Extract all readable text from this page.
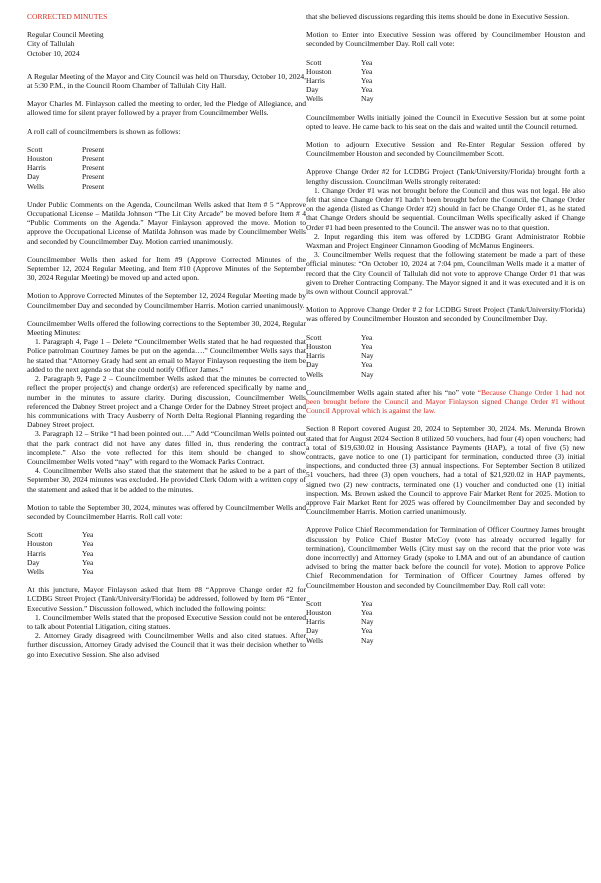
CORRECTED MINUTES

Regular Council Meeting

City of Tallulah

October 10, 2024

A Regular Meeting of the Mayor and City Council was held on Thursday, October 10, 2024, at 5:30 P.M., in the Council Room Chamber of Tallulah City Hall.

Mayor Charles M. Finlayson called the meeting to order, led the Pledge of Allegiance, and allowed time for silent prayer followed by a prayer from Councilmember Wells.

A roll call of councilmembers is shown as follows:

Scott	Present
Houston	Present
Harris	Present
Day	Present
Wells	Present

Under Public Comments on the Agenda, Councilman Wells asked that Item # 5 “Approve Occupational License – Matilda Johnson “The Lit City Arcade” be moved before Item # 4 “Public Comments on the Agenda.” Mayor Finlayson approved the move. Motion to approve the Occupational License of Matilda Johnson was made by Councilmember Wells and seconded by Councilmember Day. Motion carried unanimously.

Councilmember Wells then asked for Item #9 (Approve Corrected Minutes of the September 12, 2024 Regular Meeting, and Item #10 (Approve Minutes of the September 30, 2024 Regular Meeting) be moved up and acted upon.

Motion to Approve Corrected Minutes of the September 12, 2024 Regular Meeting made by Councilmember Day and seconded by Councilmember Harris. Motion carried unanimously.

Councilmember Wells offered the following corrections to the September 30, 2024, Regular Meeting Minutes:

1. Paragraph 4, Page 1 – Delete “Councilmember Wells stated that he had requested that Police patrolman Courtney James be put on the agenda….” Councilmember Wells says that he stated that “Attorney Grady had sent an email to Mayor Finlayson requesting the item be added to the next agenda so that she could notify Officer James.”

2. Paragraph 9, Page 2 – Councilmember Wells asked that the minutes be corrected to reflect the proper project(s) and change order(s) are referenced specifically by name and number in the minutes to assure clarity. During discussion, Councilmember Wells referenced the Dabney Street project and a Change Order for the Dabney Street project and his communications with Tracy Ausberry of North Delta Regional Planning regarding the Dabney Street project.

3. Paragraph 12 – Strike “I had been pointed out….” Add “Councilman Wells pointed out that the park contract did not have any dates filled in, thus rendering the contract incomplete.” Also the vote reflected for this item should be changed to show Councilmember Wells voted “nay” with regard to the Womack Parks Contract.

4. Councilmember Wells also stated that the statement that he asked to be a part of the September 30, 2024 minutes was excluded. He provided Clerk Odom with a written copy of the statement and asked that it be added to the minutes.

Motion to table the September 30, 2024, minutes was offered by Councilmember Wells and seconded by Councilmember Harris. Roll call vote:

Scott	Yea
Houston	Yea
Harris	Yea
Day	Yea
Wells	Yea

At this juncture, Mayor Finlayson asked that Item #8 “Approve Change order #2 for LCDBG Street Project (Tank/University/Florida) be addressed, followed by Item #6 “Enter Executive Session.” Discussion followed, which included the following points:

1. Councilmember Wells stated that the proposed Executive Session could not be entered to talk about Potential Litigation, citing statues.

2. Attorney Grady disagreed with Councilmember Wells and also cited statues. After further discussion, Attorney Grady advised the Council that it was their decision whether to go into Executive Session. She also advised

that she believed discussions regarding this items should be done in Executive Session.

Motion to Enter into Executive Session was offered by Councilmember Houston and seconded by Councilmember Day. Roll call vote:

Scott	Yea
Houston	Yea
Harris	Yea
Day	Yea
Wells	Nay

Councilmember Wells initially joined the Council in Executive Session but at some point opted to leave. He came back to his seat on the dais and waited until the Council returned.

Motion to adjourn Executive Session and Re-Enter Regular Session offered by Councilmember Houston and seconded by Councilmember Scott.

Approve Change Order #2 for LCDBG Project (Tank/University/Florida) brought forth a lengthy discussion. Councilman Wells strongly reiterated:

1. Change Order #1 was not brought before the Council and thus was not legal. He also felt that since Change Order #1 hadn’t been brought before the Council, the Change Order on the agenda (listed as Change Order #2) should in fact be Change Order #1, as he stated that Change Orders should be sequential. Councilman Wells specifically asked if Change Order #1 had been presented to the Council. The answer was no to that question.

2. Input regarding this item was offered by LCDBG Grant Administrator Robbie Waxman and Project Engineer Cinnamon Gooding of McManus Engineers.

3. Councilmember Wells request that the following statement be made a part of these official minutes: “On October 10, 2024 at 7:04 pm, Councilman Wells made it a matter of record that the City Council of Tallulah did not vote to approve Change Order #1 that was given to Dreher Contracting Company. The Mayor signed it and it was executed and it is on its own without Council approval.”

Motion to Approve Change Order # 2 for LCDBG Street Project (Tank/University/Florida) was offered by Councilmember Houston and seconded by Councilmember Day.

Scott	Yea
Houston	Yea
Harris	Nay
Day	Yea
Wells	Nay

Councilmember Wells again stated after his “no” vote “Because Change Order 1 had not been brought before the Council and Mayor Finlayson signed Change Order #1 without Council Approval which is against the law.

Section 8 Report covered August 20, 2024 to September 30, 2024. Ms. Merunda Brown stated that for August 2024 Section 8 utilized 50 vouchers, had four (4) open vouchers; had a total of $19,630.02 in Housing Assistance Payments (HAP), a total of five (5) new contracts, gave notice to one (1) participant for termination, conducted three (3) initial inspections, and conducted three (3) annual inspections. For September Section 8 utilized 51 vouchers, had three (3) open vouchers, had a total of $21,920.02 in HAP payments, signed two (2) new contracts, terminated one (1) voucher and conducted one (1) initial inspection. Ms. Brown asked the Council to approve Fair Market Rent for 2025. Motion to approve Fair Market Rent for 2025 was offered by Councilmember Day and seconded by Councilmember Harris. Motion carried unanimously.

Approve Police Chief Recommendation for Termination of Officer Courtney James brought discussion by Police Chief Buster McCoy (vote has already occurred legally for termination), Councilmember Wells (City must say on the record that the prior vote was done incorrectly) and Attorney Grady (spoke to LMA and out of an abundance of caution advised to bring the matter back before the council for vote). Motion to approve Police Chief Recommendation for Termination of Officer Courtney James offered by Councilmember Houston and seconded by Councilmember Day. Roll call vote:

Scott	Yea
Houston	Yea
Harris	Nay
Day	Yea
Wells	Nay
